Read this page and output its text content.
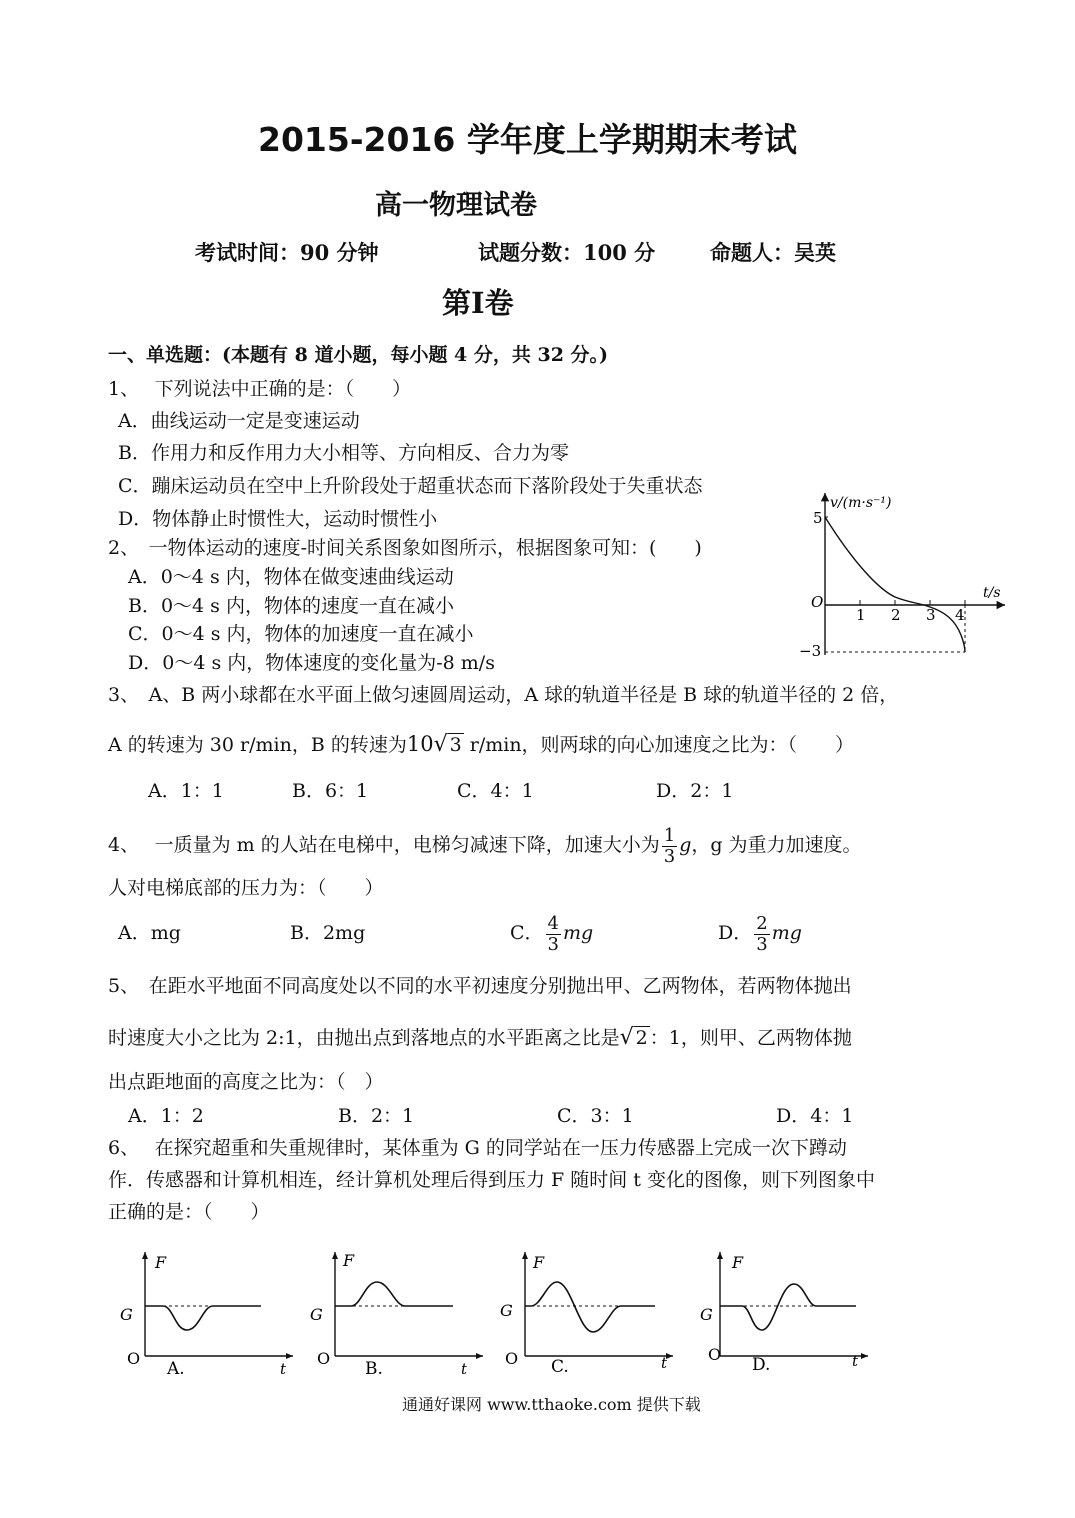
2015-2016 学年度上学期期末考试
高一物理试卷
考试时间：90 分钟	试题分数：100 分	命题人：吴英
第I卷
一、单选题：(本题有 8 道小题，每小题 4 分，共 32 分。)
1、　 下列说法中正确的是：（　　）
A．曲线运动一定是变速运动
B．作用力和反作用力大小相等、方向相反、合力为零
C．蹦床运动员在空中上升阶段处于超重状态而下落阶段处于失重状态
D．物体静止时惯性大，运动时惯性小
2、　一物体运动的速度-时间关系图象如图所示，根据图象可知：(　　)
A．0～4 s 内，物体在做变速曲线运动
B．0～4 s 内，物体的速度一直在减小
C．0～4 s 内，物体的加速度一直在减小
D．0～4 s 内，物体速度的变化量为-8 m/s
v/(m·s⁻¹)
t/s
O
5
−3
1 2 3 4
3、　A、B 两小球都在水平面上做匀速圆周运动，A 球的轨道半径是 B 球的轨道半径的 2 倍，
A 的转速为 30 r/min，B 的转速为10√ 3 r/min，则两球的向心加速度之比为：（　　）
A．1：1	B．6：1	C．4：1	D．2：1
4、　 一质量为 m 的人站在电梯中，电梯匀减速下降，加速大小为 $\frac{1}{3}$ g，g 为重力加速度。
人对电梯底部的压力为：（　　）
A．mg	B．2mg	C． $\frac{4}{3}$ mg	D． $\frac{2}{3}$ mg
5、　在距水平地面不同高度处以不同的水平初速度分别抛出甲、乙两物体，若两物体抛出
时速度大小之比为 2:1，由抛出点到落地点的水平距离之比是√ 2 ：1，则甲、乙两物体抛
出点距地面的高度之比为：（　）
A．1：2	B．2：1	C．3：1	D．4：1
6、　 在探究超重和失重规律时，某体重为 G 的同学站在一压力传感器上完成一次下蹲动
作．传感器和计算机相连，经计算机处理后得到压力 F 随时间 t 变化的图像，则下列图象中
正确的是：（　　）
F
G
O
t
A.
F
G
O
t
B.
F
G
O	t
C.
F
G
O	t
D.
通通好课网 www.tthaoke.com 提供下载
